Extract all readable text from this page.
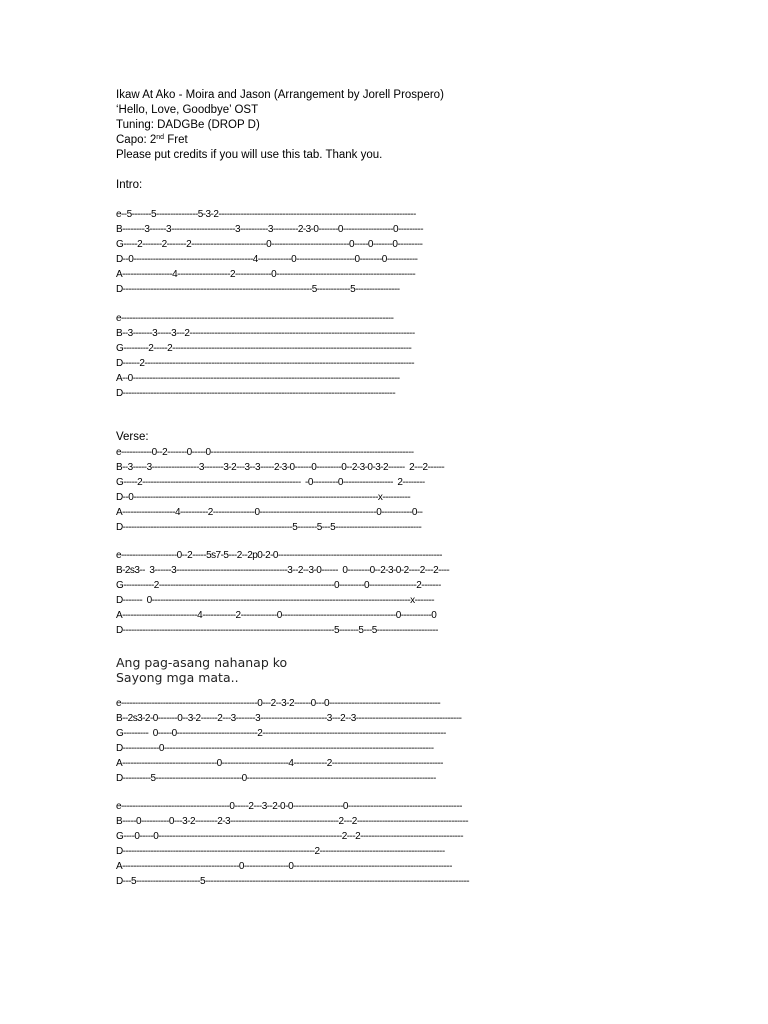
Ikaw At Ako - Moira and Jason (Arrangement by Jorell Prospero)
‘Hello, Love, Goodbye’ OST
Tuning: DADGBe (DROP D)
Capo: 2nd Fret
Please put credits if you will use this tab. Thank you.
Intro:
e--5-------5---------------5-3-2-----------------------------------------------------------------------
B--------3------3-----------------------3----------3---------2-3-0-------0------------------0---------
G-----2-------2-------2---------------------------0----------------------------0-----0-------0---------
D--0-------------------------------------------4------------0---------------------0--------0-----------
A------------------4-------------------2-------------0--------------------------------------------------
D--------------------------------------------------------------------5------------5----------------
e--------------------------------------------------------------------------------------------------
B--3-------3-----3---2---------------------------------------------------------------------------------
G---------2-----2--------------------------------------------------------------------------------------
D------2-------------------------------------------------------------------------------------------------
A--0------------------------------------------------------------------------------------------------
D--------------------------------------------------------------------------------------------------
Verse:
e-----------0--2-------0-----0-------------------------------------------------------------------------
B--3-----3-----------------3-------3-2---3--3-----2-3-0------0---------0--2-3-0-3-2------  2---2------
G-----2---------------------------------------------------------  -0---------0------------------  2--------
D--0----------------------------------------------------------------------------------------x----------
A-------------------4----------2---------------0------------------------------------------0-----------0--
D-------------------------------------------------------------5-------5---5-------------------------------
e--------------------0--2-----5s7-5---2--2p0-2-0-----------------------------------------------------------
B-2s3--  3------3----------------------------------------3--2--3-0------  0--------0--2-3-0-2----2---2----
G-----------2---------------------------------------------------------------0---------0-----------------2-------
D-------  0---------------------------------------------------------------------------------------------x-------
A---------------------------4------------2-------------0-----------------------------------------0-----------0
D----------------------------------------------------------------------------5-------5---5----------------------
Ang pag-asang nahanap ko
Sayong mga mata..
e-------------------------------------------------0---2--3-2------0---0----------------------------------------
B--2s3-2-0-------0--3-2------2---3-------3------------------------3---2--3--------------------------------------
G---------  0-----0-----------------------------2------------------------------------------------------------------
D-------------0-------------------------------------------------------------------------------------------------
A----------------------------------0------------------------4------------2----------------------------------------
D----------5-------------------------------0--------------------------------------------------------------------
e---------------------------------------0-----2---3--2-0-0------------------0-----------------------------------------
B-----0----------0---3-2--------2-3---------------------------------------2---2----------------------------------------
G----0-----0------------------------------------------------------------------2---2-------------------------------------
D---------------------------------------------------------------------2---------------------------------------------
A------------------------------------------0----------------0---------------------------------------------------------
D---5-----------------------5-----------------------------------------------------------------------------------------------
